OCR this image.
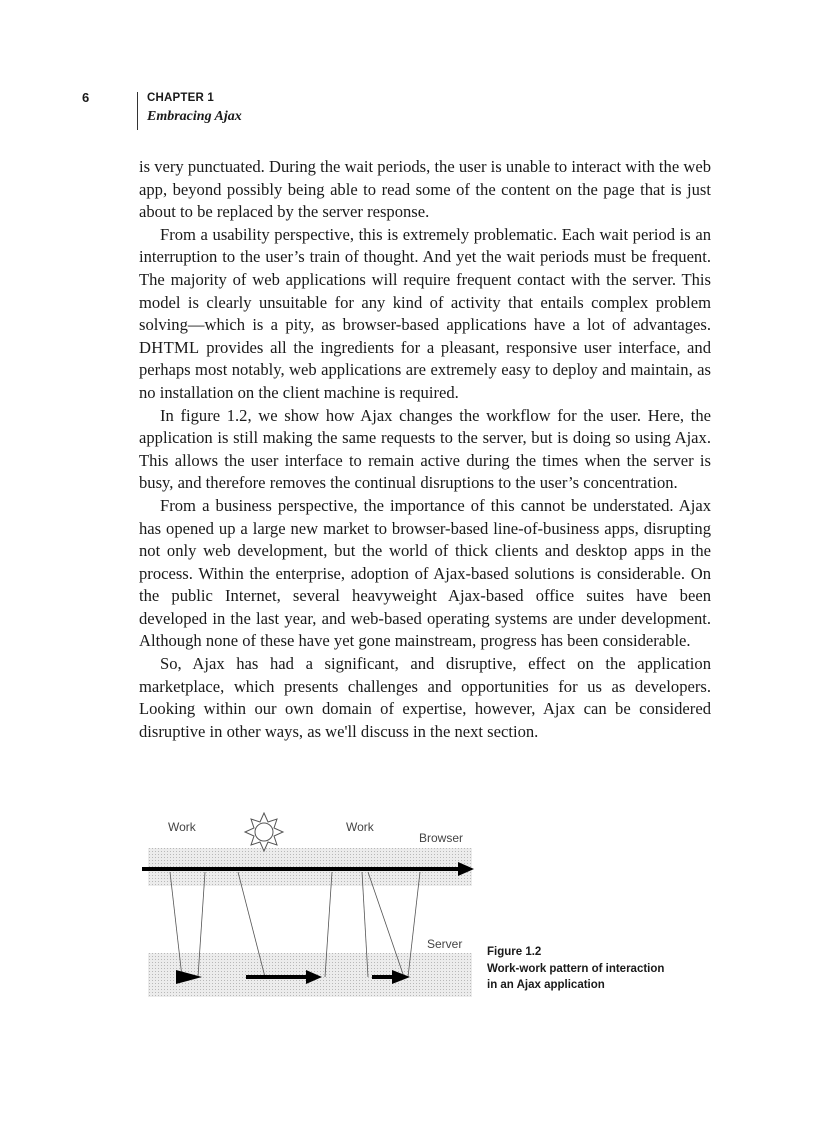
6	CHAPTER 1
Embracing Ajax

is very punctuated. During the wait periods, the user is unable to interact with the web app, beyond possibly being able to read some of the content on the page that is just about to be replaced by the server response.

From a usability perspective, this is extremely problematic. Each wait period is an interruption to the user’s train of thought. And yet the wait periods must be frequent. The majority of web applications will require frequent contact with the server. This model is clearly unsuitable for any kind of activity that entails complex problem solving—which is a pity, as browser-based applications have a lot of advantages. DHTML provides all the ingredients for a pleasant, responsive user interface, and perhaps most notably, web applications are extremely easy to deploy and maintain, as no installation on the client machine is required.

In figure 1.2, we show how Ajax changes the workflow for the user. Here, the application is still making the same requests to the server, but is doing so using Ajax. This allows the user interface to remain active during the times when the server is busy, and therefore removes the continual disruptions to the user’s concentration.

From a business perspective, the importance of this cannot be understated. Ajax has opened up a large new market to browser-based line-of-business apps, disrupting not only web development, but the world of thick clients and desktop apps in the process. Within the enterprise, adoption of Ajax-based solutions is considerable. On the public Internet, several heavyweight Ajax-based office suites have been developed in the last year, and web-based operating systems are under development. Although none of these have yet gone mainstream, progress has been considerable.

So, Ajax has had a significant, and disruptive, effect on the application marketplace, which presents challenges and opportunities for us as developers. Looking within our own domain of expertise, however, Ajax can be considered disruptive in other ways, as we'll discuss in the next section.

Work	Work
Browser
Server
Figure 1.2
Work-work pattern of interaction
in an Ajax application
